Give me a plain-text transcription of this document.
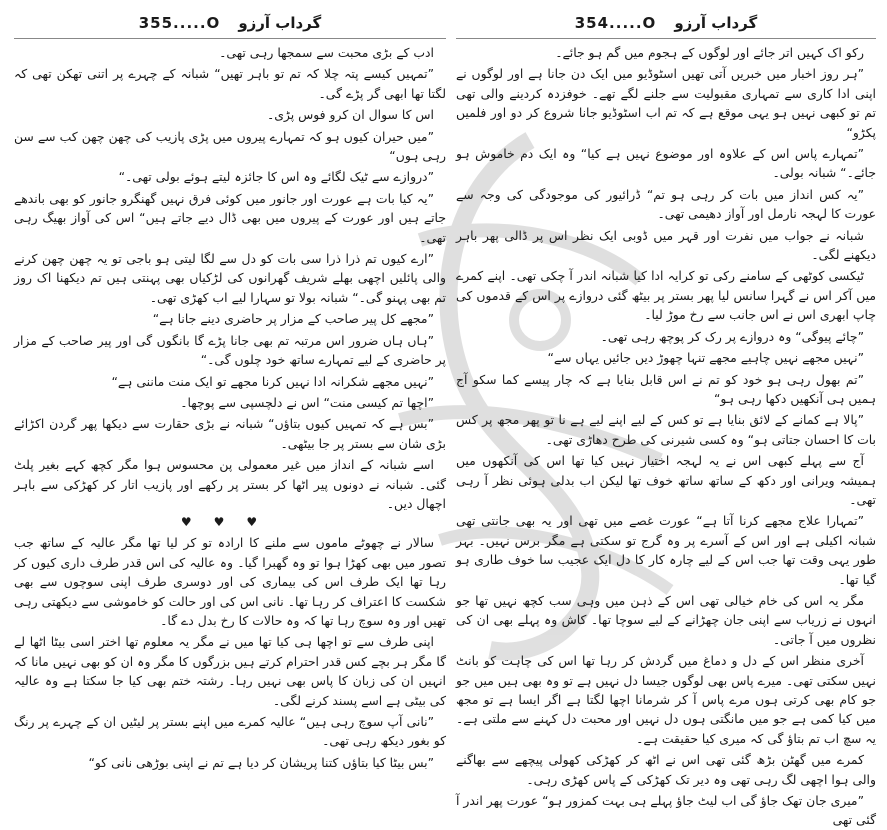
گرداب آرزو
355.....O

ادب کے بڑی محبت سے سمجھا رہی تھی۔

”تمہیں کیسے پتہ چلا کہ تم تو باہر تھیں“ شبانہ کے چہرے پر اتنی تھکن تھی کہ لگتا تھا ابھی گر پڑے گی۔

اس کا سوال ان کرو فوس پڑی۔

”میں حیران کیوں ہو کہ تمہارے پیروں میں پڑی پازیب کی چھن چھن کب سے سن رہی ہوں“

”دروازے سے ٹیک لگائے وہ اس کا جائزہ لیتے ہوئے بولی تھی۔“

”یہ کیا بات ہے عورت اور جانور میں کوئی فرق نہیں گھنگرو جانور کو بھی باندھے جاتے ہیں اور عورت کے پیروں میں بھی ڈال دیے جاتے ہیں“ اس کی آواز بھیگ رہی تھی۔

”ارے کیوں تم ذرا ذرا سی بات کو دل سے لگا لیتی ہو باجی تو یہ چھن چھن کرنے والی پائلیں اچھی بھلے شریف گھرانوں کی لڑکیاں بھی پہنتی ہیں تم دیکھنا اک روز تم بھی پہنو گی۔“ شبانہ بولا تو سہارا لیے اب کھڑی تھی۔

”مجھے کل پیر صاحب کے مزار پر حاضری دینے جانا ہے“

”ہاں ہاں ضرور اس مرتبہ تم بھی جانا پڑے گا بانگوں گی اور پیر صاحب کے مزار پر حاضری کے لیے تمہارے ساتھ خود چلوں گی۔“

”نہیں مجھے شکرانہ ادا نہیں کرنا مجھے تو ایک منت ماننی ہے“

”اچھا تم کیسی منت“ اس نے دلچسپی سے پوچھا۔

”بس ہے کہ تمہیں کیوں بتاؤں“ شبانہ نے بڑی حقارت سے دیکھا پھر گردن اکڑائے بڑی شان سے بستر پر جا بیٹھی۔

اسے شبانہ کے انداز میں غیر معمولی پن محسوس ہوا مگر کچھ کہے بغیر پلٹ گئی۔ شبانہ نے دونوں پیر اٹھا کر بستر پر رکھے اور پازیب اتار کر کھڑکی سے باہر اچھال دیں۔

♥♥♥

سالار نے چھوٹے ماموں سے ملنے کا ارادہ تو کر لیا تھا مگر عالیہ کے ساتھ جب تصور میں بھی کھڑا ہوا تو وہ گھبرا گیا۔ وہ عالیہ کی اس قدر طرف داری کیوں کر رہا تھا ایک طرف اس کی بیماری کی اور دوسری طرف اپنی سوچوں سے بھی شکست کا اعتراف کر رہا تھا۔ نانی اس کی اور حالت کو خاموشی سے دیکھتی رہی تھیں اور وہ سوچ رہا تھا کہ وہ حالات کا رخ بدل دے گا۔

اپنی طرف سے تو اچھا ہی کیا تھا میں نے مگر یہ معلوم تھا اختر اسی بیٹا اٹھا لے گا مگر ہر بچے کس قدر احترام کرتے ہیں بزرگوں کا مگر وہ ان کو بھی نہیں مانا کہ انہیں ان کی زبان کا پاس بھی نہیں رہا۔ رشتہ ختم بھی کیا جا سکتا ہے وہ عالیہ کی بیٹی ہے اسے پسند کرنے لگی۔

”نانی آپ سوچ رہی ہیں“ عالیہ کمرے میں اپنے بستر پر لیٹیں ان کے چہرے پر رنگ کو بغور دیکھ رہی تھی۔

”بس بیٹا کیا بتاؤں کتنا پریشان کر دیا ہے تم نے اپنی بوڑھی نانی کو“

گرداب آرزو
354.....O

رکو اک کہیں اتر جائے اور لوگوں کے ہجوم میں گم ہو جائے۔

”ہر روز اخبار میں خبریں آتی تھیں اسٹوڈیو میں ایک دن جانا ہے اور لوگوں نے اپنی ادا کاری سے تمہاری مقبولیت سے جلنے لگے تھے۔ خوفزدہ کردینے والی تھی تم تو کبھی نہیں ہو یہی موقع ہے کہ تم اب اسٹوڈیو جانا شروع کر دو اور فلمیں پکڑو“

”تمہارے پاس اس کے علاوہ اور موضوع نہیں ہے کیا“ وہ ایک دم خاموش ہو جائے۔“ شبانہ بولی۔

”یہ کس انداز میں بات کر رہی ہو تم“ ڈرائیور کی موجودگی کی وجہ سے عورت کا لہجہ نارمل اور آواز دھیمی تھی۔

شبانہ نے جواب میں نفرت اور قہر میں ڈوبی ایک نظر اس پر ڈالی پھر باہر دیکھنے لگی۔

ٹیکسی کوٹھی کے سامنے رکی تو کرایہ ادا کیا شبانہ اندر آ چکی تھی۔ اپنے کمرے میں آکر اس نے گہرا سانس لیا پھر بستر پر بیٹھ گئی دروازے پر اس کے قدموں کی چاپ ابھری اس نے اس جانب سے رخ موڑ لیا۔

”چائے پیوگی“ وہ دروازے پر رک کر پوچھ رہی تھی۔

”نہیں مجھے نہیں چاہیے مجھے تنہا چھوڑ دیں جائیں یہاں سے“

”تم بھول رہی ہو خود کو تم نے اس قابل بنایا ہے کہ چار پیسے کما سکو آج ہمیں ہی آنکھیں دکھا رہی ہو“

”پالا ہے کمانے کے لائق بنایا ہے تو کس کے لیے اپنے لیے ہے نا تو پھر مجھ پر کس بات کا احسان جتاتی ہو“ وہ کسی شیرنی کی طرح دھاڑی تھی۔

آج سے پہلے کبھی اس نے یہ لہجہ اختیار نہیں کیا تھا اس کی آنکھوں میں ہمیشہ ویرانی اور دکھ کے ساتھ ساتھ خوف تھا لیکن اب بدلی ہوئی نظر آ رہی تھی۔

”تمہارا علاج مجھے کرنا آتا ہے“ عورت غصے میں تھی اور یہ بھی جانتی تھی شبانہ اکیلی ہے اور اس کے آسرے پر وہ گرج تو سکتی ہے مگر برس نہیں۔ بہر طور یہی وقت تھا جب اس کے لیے چارہ کار کا دل ایک عجیب سا خوف طاری ہو گیا تھا۔

مگر یہ اس کی خام خیالی تھی اس کے ذہن میں وہی سب کچھ نہیں تھا جو انہوں نے زریاب سے اپنی جان چھڑانے کے لیے سوچا تھا۔ کاش وہ پہلے بھی ان کی نظروں میں آ جاتی۔

آخری منظر اس کے دل و دماغ میں گردش کر رہا تھا اس کی چاہت کو بانٹ نہیں سکتی تھی۔ میرے پاس بھی لوگوں جیسا دل نہیں ہے تو وہ بھی ہیں میں جو جو کام بھی کرتی ہوں مرے پاس آ کر شرمانا اچھا لگتا ہے اگر ایسا ہے تو مجھ میں کیا کمی ہے جو میں مانگتی ہوں دل نہیں اور محبت دل کہنے سے ملتی ہے۔ یہ سچ اب تم بتاؤ گی کہ میری کیا حقیقت ہے۔

کمرے میں گھٹن بڑھ گئی تھی اس نے اٹھ کر کھڑکی کھولی پیچھے سے بھاگنے والی ہوا اچھی لگ رہی تھی وہ دیر تک کھڑکی کے پاس کھڑی رہی۔

”میری جان تھک جاؤ گی اب لیٹ جاؤ پہلے ہی بہت کمزور ہو“ عورت پھر اندر آ گئی تھی
